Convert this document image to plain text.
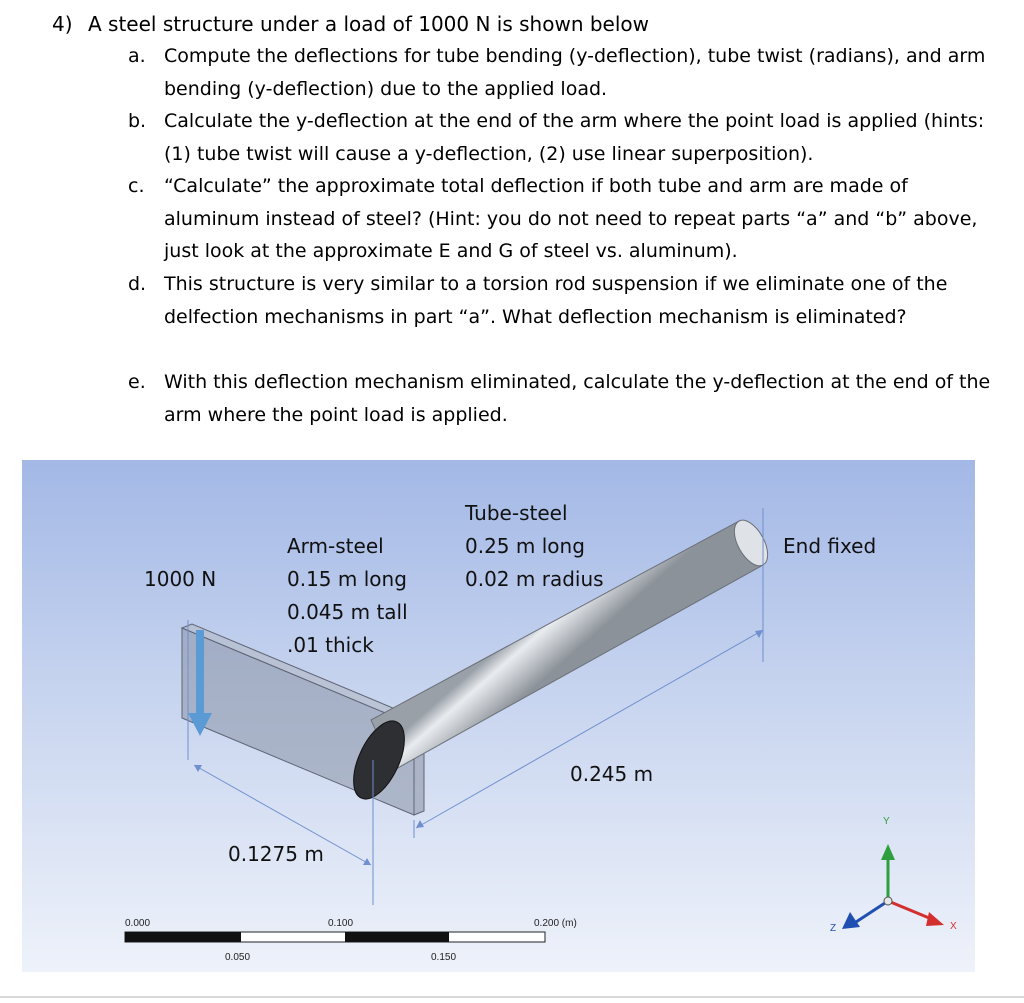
4) A steel structure under a load of 1000 N is shown below
a. Compute the deflections for tube bending (y-deflection), tube twist (radians), and arm bending (y-deflection) due to the applied load.
b. Calculate the y-deflection at the end of the arm where the point load is applied (hints: (1) tube twist will cause a y-deflection, (2) use linear superposition).
c. “Calculate” the approximate total deflection if both tube and arm are made of aluminum instead of steel? (Hint: you do not need to repeat parts “a” and “b” above, just look at the approximate E and G of steel vs. aluminum).
d. This structure is very similar to a torsion rod suspension if we eliminate one of the delfection mechanisms in part “a”. What deflection mechanism is eliminated?
e. With this deflection mechanism eliminated, calculate the y-deflection at the end of the arm where the point load is applied.
1000 N
Arm-steel
0.15 m long
0.045 m tall
.01 thick
Tube-steel
0.25 m long
0.02 m radius
End fixed
0.245 m
0.1275 m
0.000	0.100	0.200 (m)
0.050	0.150
Y
X
Z
